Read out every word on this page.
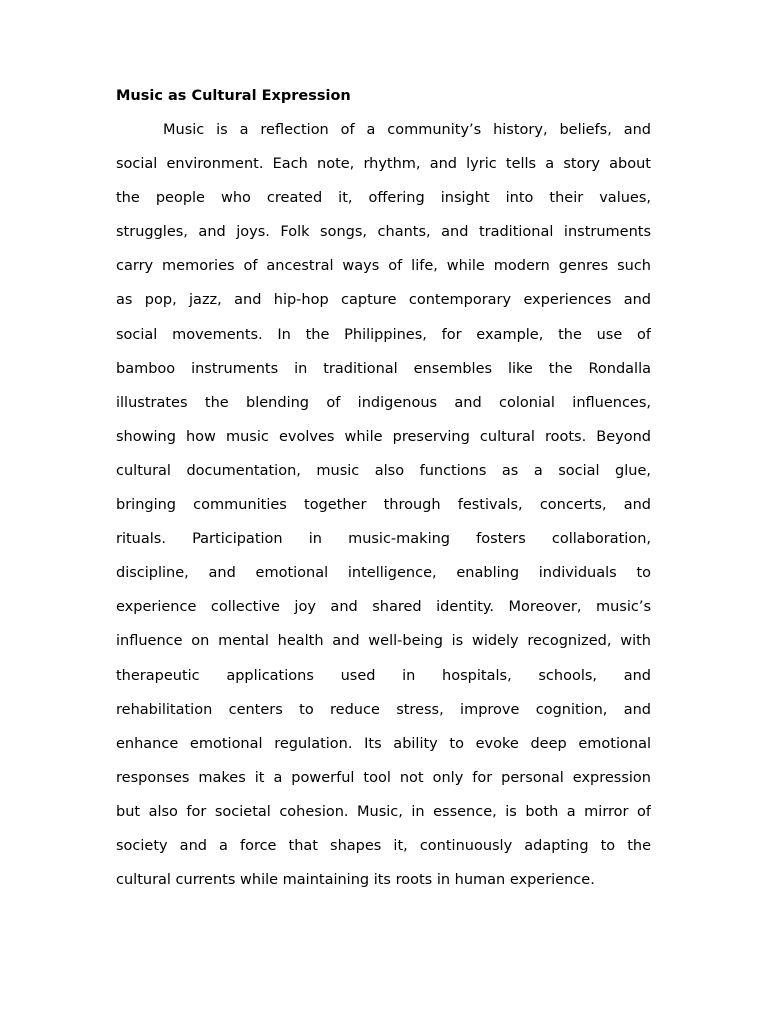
Music as Cultural Expression
Music is a reflection of a community’s history, beliefs, and
social environment. Each note, rhythm, and lyric tells a story about
the people who created it, offering insight into their values,
struggles, and joys. Folk songs, chants, and traditional instruments
carry memories of ancestral ways of life, while modern genres such
as pop, jazz, and hip-hop capture contemporary experiences and
social movements. In the Philippines, for example, the use of
bamboo instruments in traditional ensembles like the Rondalla
illustrates the blending of indigenous and colonial influences,
showing how music evolves while preserving cultural roots. Beyond
cultural documentation, music also functions as a social glue,
bringing communities together through festivals, concerts, and
rituals. Participation in music-making fosters collaboration,
discipline, and emotional intelligence, enabling individuals to
experience collective joy and shared identity. Moreover, music’s
influence on mental health and well-being is widely recognized, with
therapeutic applications used in hospitals, schools, and
rehabilitation centers to reduce stress, improve cognition, and
enhance emotional regulation. Its ability to evoke deep emotional
responses makes it a powerful tool not only for personal expression
but also for societal cohesion. Music, in essence, is both a mirror of
society and a force that shapes it, continuously adapting to the
cultural currents while maintaining its roots in human experience.
